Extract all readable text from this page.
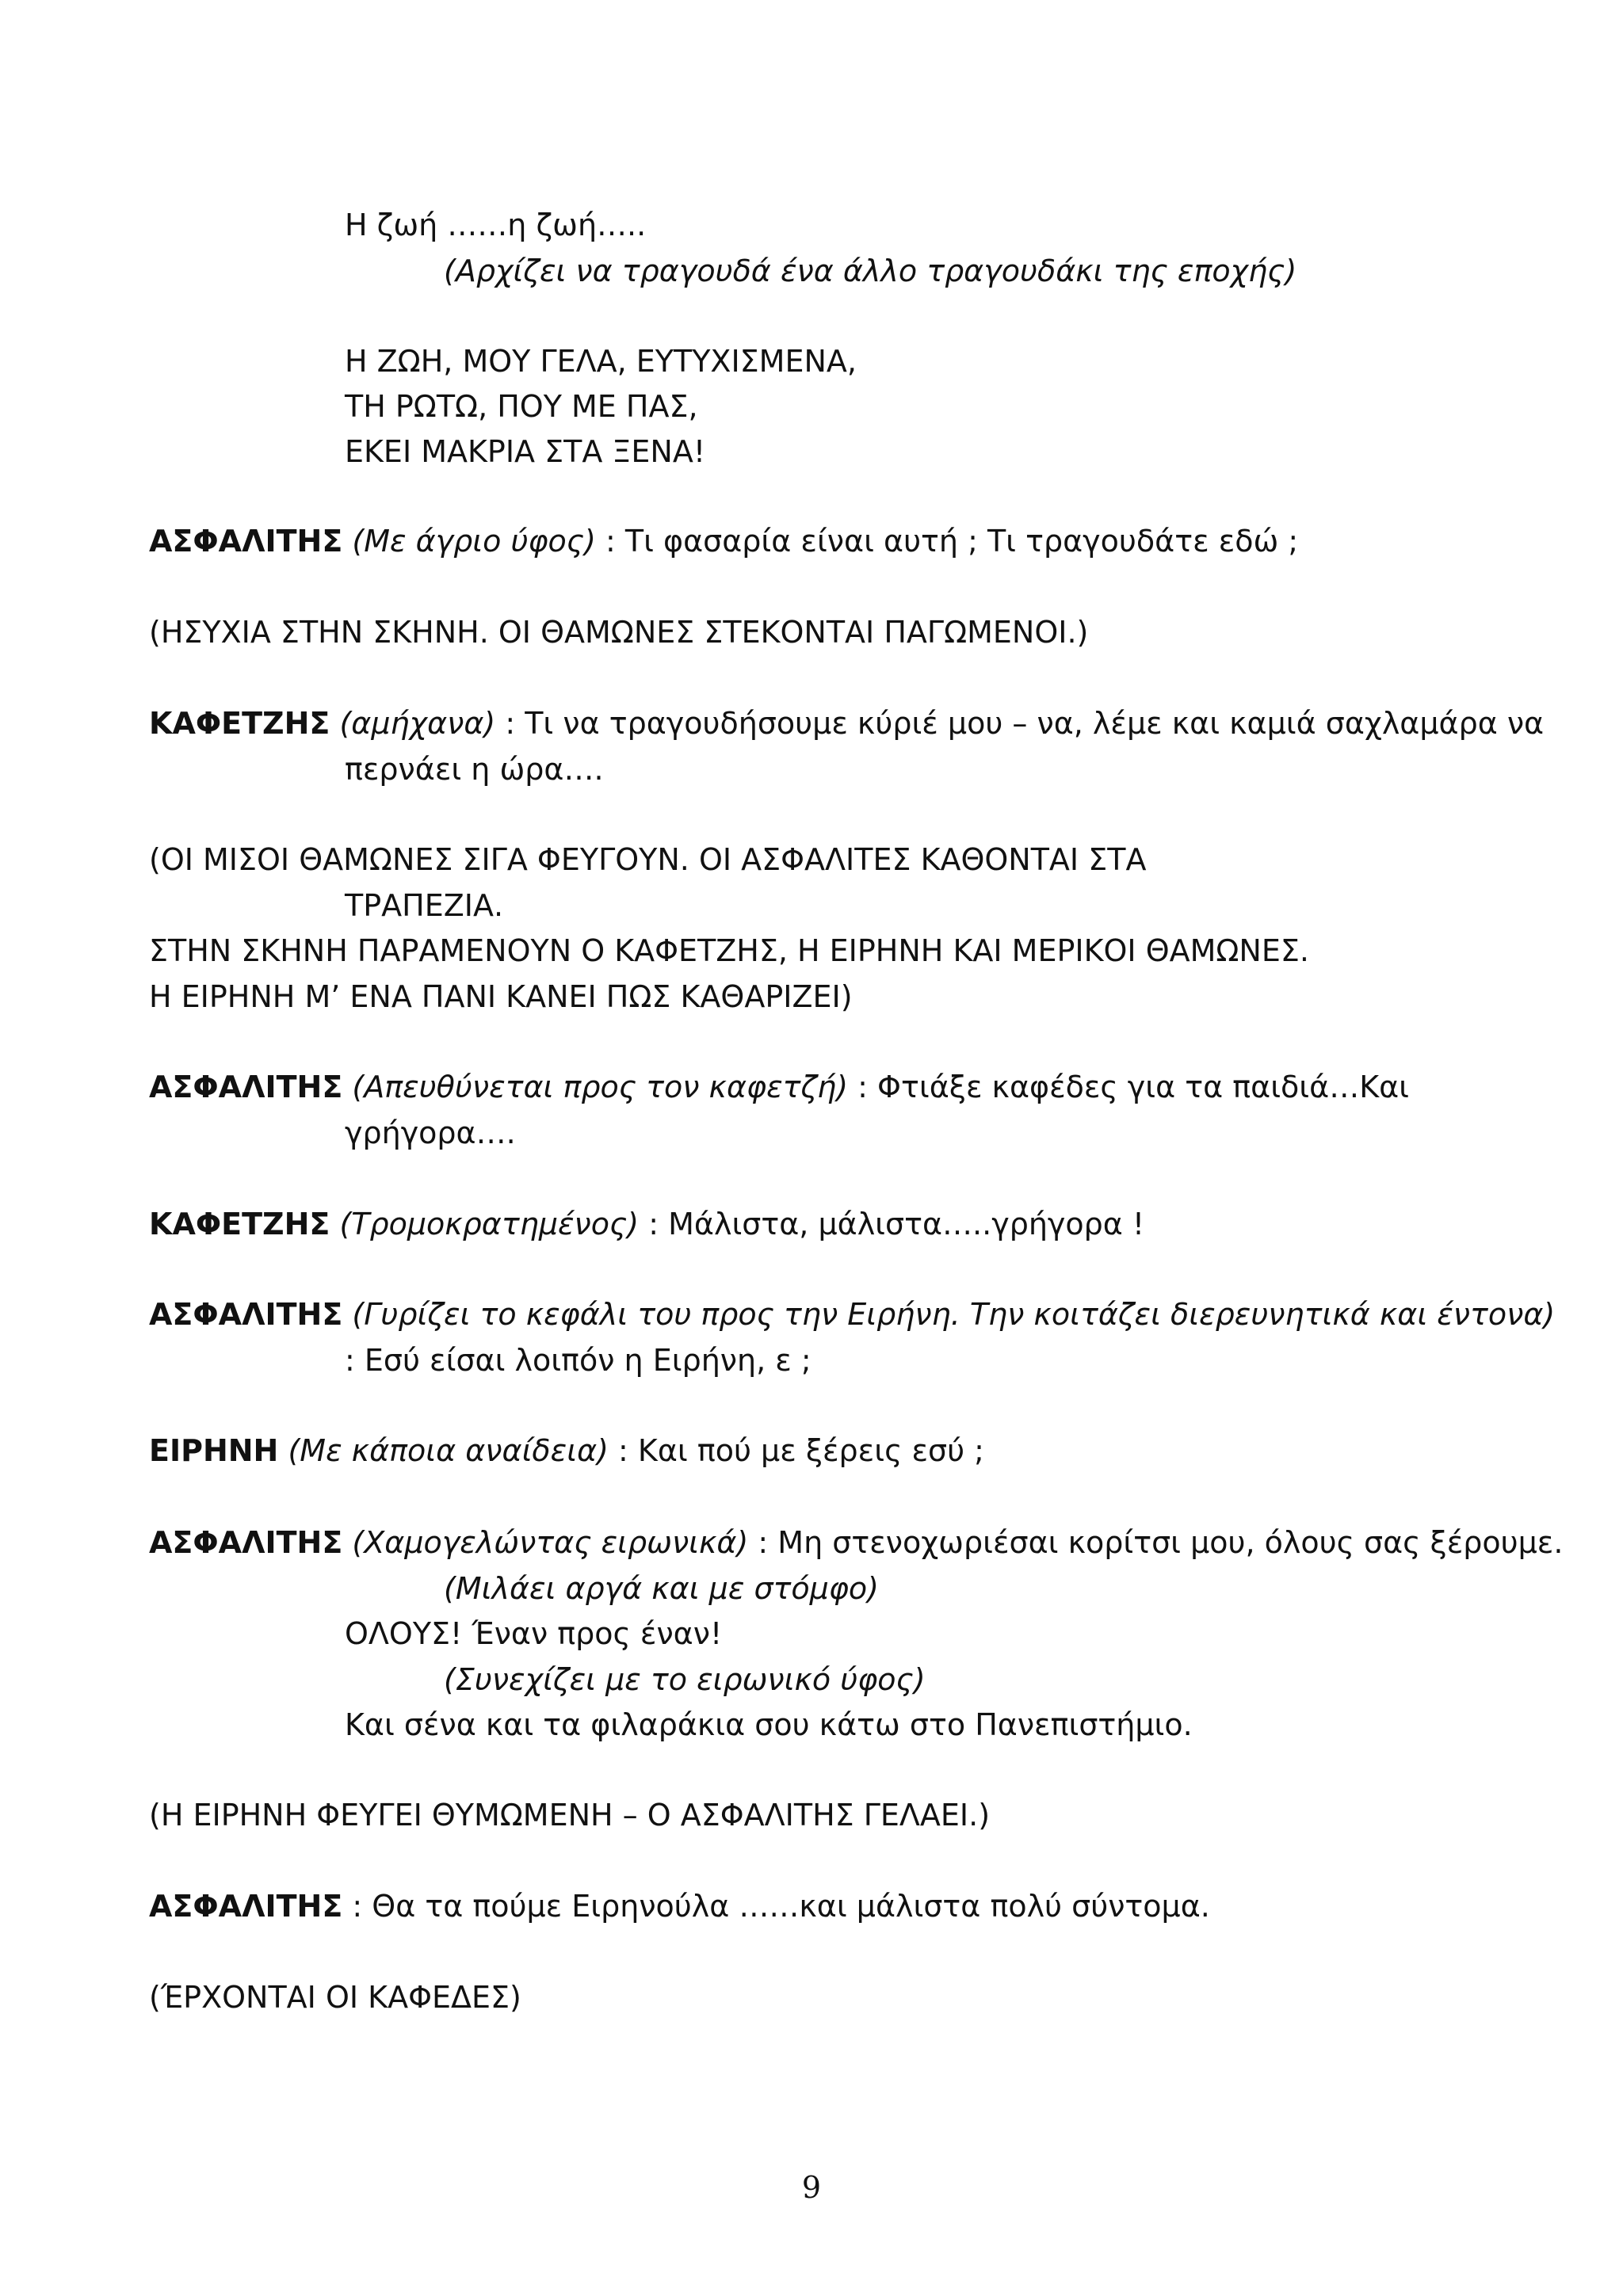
Η ζωή ……η ζωή…..
(Αρχίζει να τραγουδά ένα άλλο τραγουδάκι της εποχής)
Η ΖΩΗ, ΜΟΥ ΓΕΛΑ, ΕΥΤΥΧΙΣΜΕΝΑ,
ΤΗ ΡΩΤΩ, ΠΟΥ ΜΕ ΠΑΣ,
ΕΚΕΙ ΜΑΚΡΙΑ ΣΤΑ ΞΕΝΑ!
ΑΣΦΑΛΙΤΗΣ (Με άγριο ύφος) : Τι φασαρία είναι αυτή ; Τι τραγουδάτε εδώ ;
(ΗΣΥΧΙΑ ΣΤΗΝ ΣΚΗΝΗ. ΟΙ ΘΑΜΩΝΕΣ ΣΤΕΚΟΝΤΑΙ ΠΑΓΩΜΕΝΟΙ.)
ΚΑΦΕΤΖΗΣ (αμήχανα) : Τι να τραγουδήσουμε κύριέ μου – να, λέμε και καμιά σαχλαμάρα να
περνάει η ώρα….
(ΟΙ ΜΙΣΟΙ ΘΑΜΩΝΕΣ ΣΙΓΑ ΦΕΥΓΟΥΝ. ΟΙ ΑΣΦΑΛΙΤΕΣ ΚΑΘΟΝΤΑΙ ΣΤΑ
ΤΡΑΠΕΖΙΑ.
ΣΤΗΝ ΣΚΗΝΗ ΠΑΡΑΜΕΝΟΥΝ Ο ΚΑΦΕΤΖΗΣ, Η ΕΙΡΗΝΗ ΚΑΙ ΜΕΡΙΚΟΙ ΘΑΜΩΝΕΣ.
Η ΕΙΡΗΝΗ Μ’ ΕΝΑ ΠΑΝΙ ΚΑΝΕΙ ΠΩΣ ΚΑΘΑΡΙΖΕΙ)
ΑΣΦΑΛΙΤΗΣ (Απευθύνεται προς τον καφετζή) : Φτιάξε καφέδες για τα παιδιά…Και
γρήγορα….
ΚΑΦΕΤΖΗΣ (Τρομοκρατημένος) : Μάλιστα, μάλιστα…..γρήγορα !
ΑΣΦΑΛΙΤΗΣ (Γυρίζει το κεφάλι του προς την Ειρήνη. Την κοιτάζει διερευνητικά και έντονα)
: Εσύ είσαι λοιπόν η Ειρήνη, ε ;
ΕΙΡΗΝΗ (Με κάποια αναίδεια) : Και πού με ξέρεις εσύ ;
ΑΣΦΑΛΙΤΗΣ (Χαμογελώντας ειρωνικά) : Μη στενοχωριέσαι κορίτσι μου, όλους σας ξέρουμε.
(Μιλάει αργά και με στόμφο)
ΟΛΟΥΣ! Έναν προς έναν!
(Συνεχίζει με το ειρωνικό ύφος)
Και σένα και τα φιλαράκια σου κάτω στο Πανεπιστήμιο.
(Η ΕΙΡΗΝΗ ΦΕΥΓΕΙ ΘΥΜΩΜΕΝΗ – Ο ΑΣΦΑΛΙΤΗΣ ΓΕΛΑΕΙ.)
ΑΣΦΑΛΙΤΗΣ : Θα τα πούμε Ειρηνούλα ……και μάλιστα πολύ σύντομα.
(ΈΡΧΟΝΤΑΙ ΟΙ ΚΑΦΕΔΕΣ)
9
